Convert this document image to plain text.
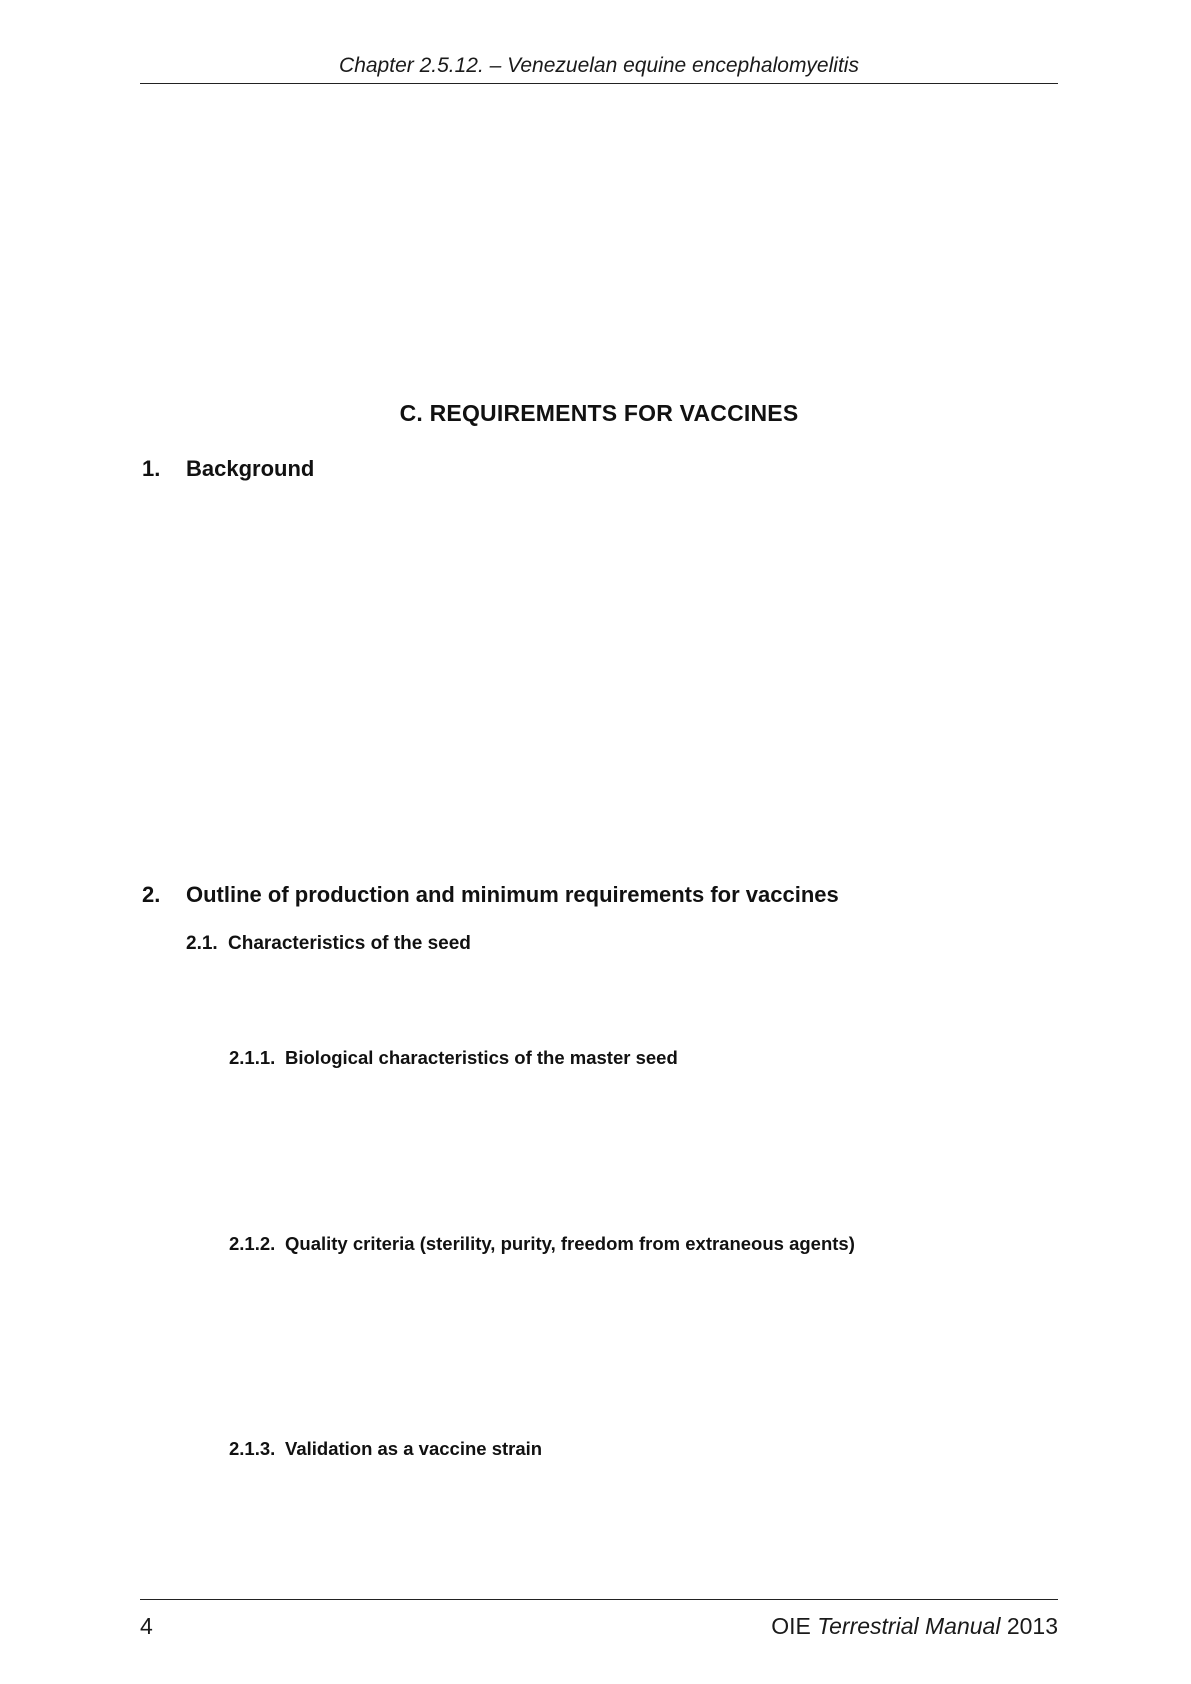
Chapter 2.5.12. – Venezuelan equine encephalomyelitis
C. REQUIREMENTS FOR VACCINES
1. Background
2. Outline of production and minimum requirements for vaccines
2.1. Characteristics of the seed
2.1.1. Biological characteristics of the master seed
2.1.2. Quality criteria (sterility, purity, freedom from extraneous agents)
2.1.3. Validation as a vaccine strain
4	OIE Terrestrial Manual 2013
